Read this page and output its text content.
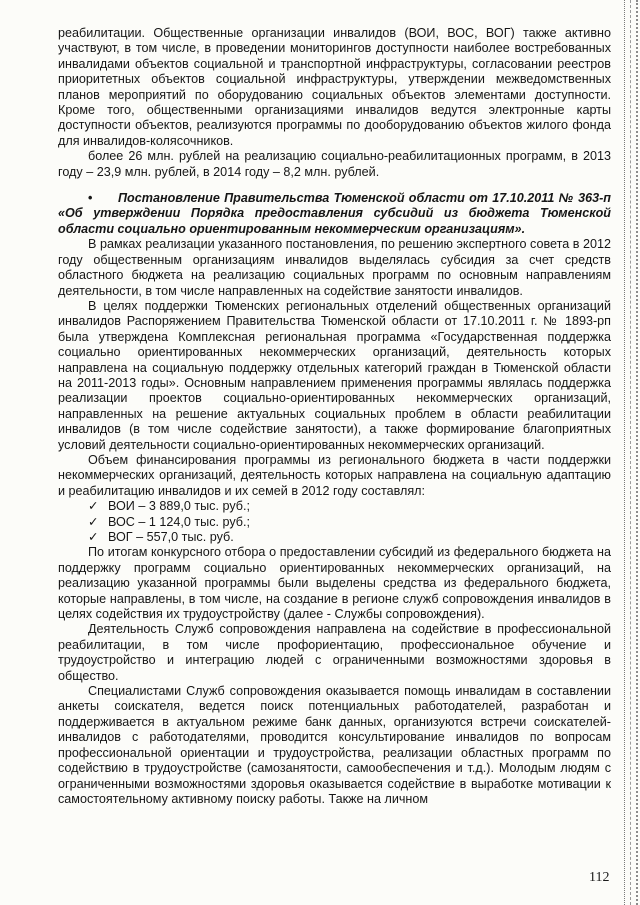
реабилитации. Общественные организации инвалидов (ВОИ, ВОС, ВОГ) также активно участвуют, в том числе, в проведении мониторингов доступности наиболее востребованных инвалидами объектов социальной и транспортной инфраструктуры, согласовании реестров приоритетных объектов социальной инфраструктуры, утверждении межведомственных планов мероприятий по оборудованию социальных объектов элементами доступности. Кроме того, общественными организациями инвалидов ведутся электронные карты доступности объектов, реализуются программы по дооборудованию объектов жилого фонда для инвалидов-колясочников.

более 26 млн. рублей на реализацию социально-реабилитационных программ, в 2013 году – 23,9 млн. рублей, в 2014 году – 8,2 млн. рублей.

• Постановление Правительства Тюменской области от 17.10.2011 № 363-п «Об утверждении Порядка предоставления субсидий из бюджета Тюменской области социально ориентированным некоммерческим организациям».

В рамках реализации указанного постановления, по решению экспертного совета в 2012 году общественным организациям инвалидов выделялась субсидия за счет средств областного бюджета на реализацию социальных программ по основным направлениям деятельности, в том числе направленных на содействие занятости инвалидов.

В целях поддержки Тюменских региональных отделений общественных организаций инвалидов Распоряжением Правительства Тюменской области от 17.10.2011 г. № 1893-рп была утверждена Комплексная региональная программа «Государственная поддержка социально ориентированных некоммерческих организаций, деятельность которых направлена на социальную поддержку отдельных категорий граждан в Тюменской области на 2011-2013 годы». Основным направлением применения программы являлась поддержка реализации проектов социально-ориентированных некоммерческих организаций, направленных на решение актуальных социальных проблем в области реабилитации инвалидов (в том числе содействие занятости), а также формирование благоприятных условий деятельности социально-ориентированных некоммерческих организаций.

Объем финансирования программы из регионального бюджета в части поддержки некоммерческих организаций, деятельность которых направлена на социальную адаптацию и реабилитацию инвалидов и их семей в 2012 году составлял:

✓ ВОИ – 3 889,0 тыс. руб.;
✓ ВОС – 1 124,0 тыс. руб.;
✓ ВОГ – 557,0 тыс. руб.

По итогам конкурсного отбора о предоставлении субсидий из федерального бюджета на поддержку программ социально ориентированных некоммерческих организаций, на реализацию указанной программы были выделены средства из федерального бюджета, которые направлены, в том числе, на создание в регионе служб сопровождения инвалидов в целях содействия их трудоустройству (далее - Службы сопровождения).

Деятельность Служб сопровождения направлена на содействие в профессиональной реабилитации, в том числе профориентацию, профессиональное обучение и трудоустройство и интеграцию людей с ограниченными возможностями здоровья в общество.

Специалистами Служб сопровождения оказывается помощь инвалидам в составлении анкеты соискателя, ведется поиск потенциальных работодателей, разработан и поддерживается в актуальном режиме банк данных, организуются встречи соискателей-инвалидов с работодателями, проводится консультирование инвалидов по вопросам профессиональной ориентации и трудоустройства, реализации областных программ по содействию в трудоустройстве (самозанятости, самообеспечения и т.д.). Молодым людям с ограниченными возможностями здоровья оказывается содействие в выработке мотивации к самостоятельному активному поиску работы. Также на личном

112
